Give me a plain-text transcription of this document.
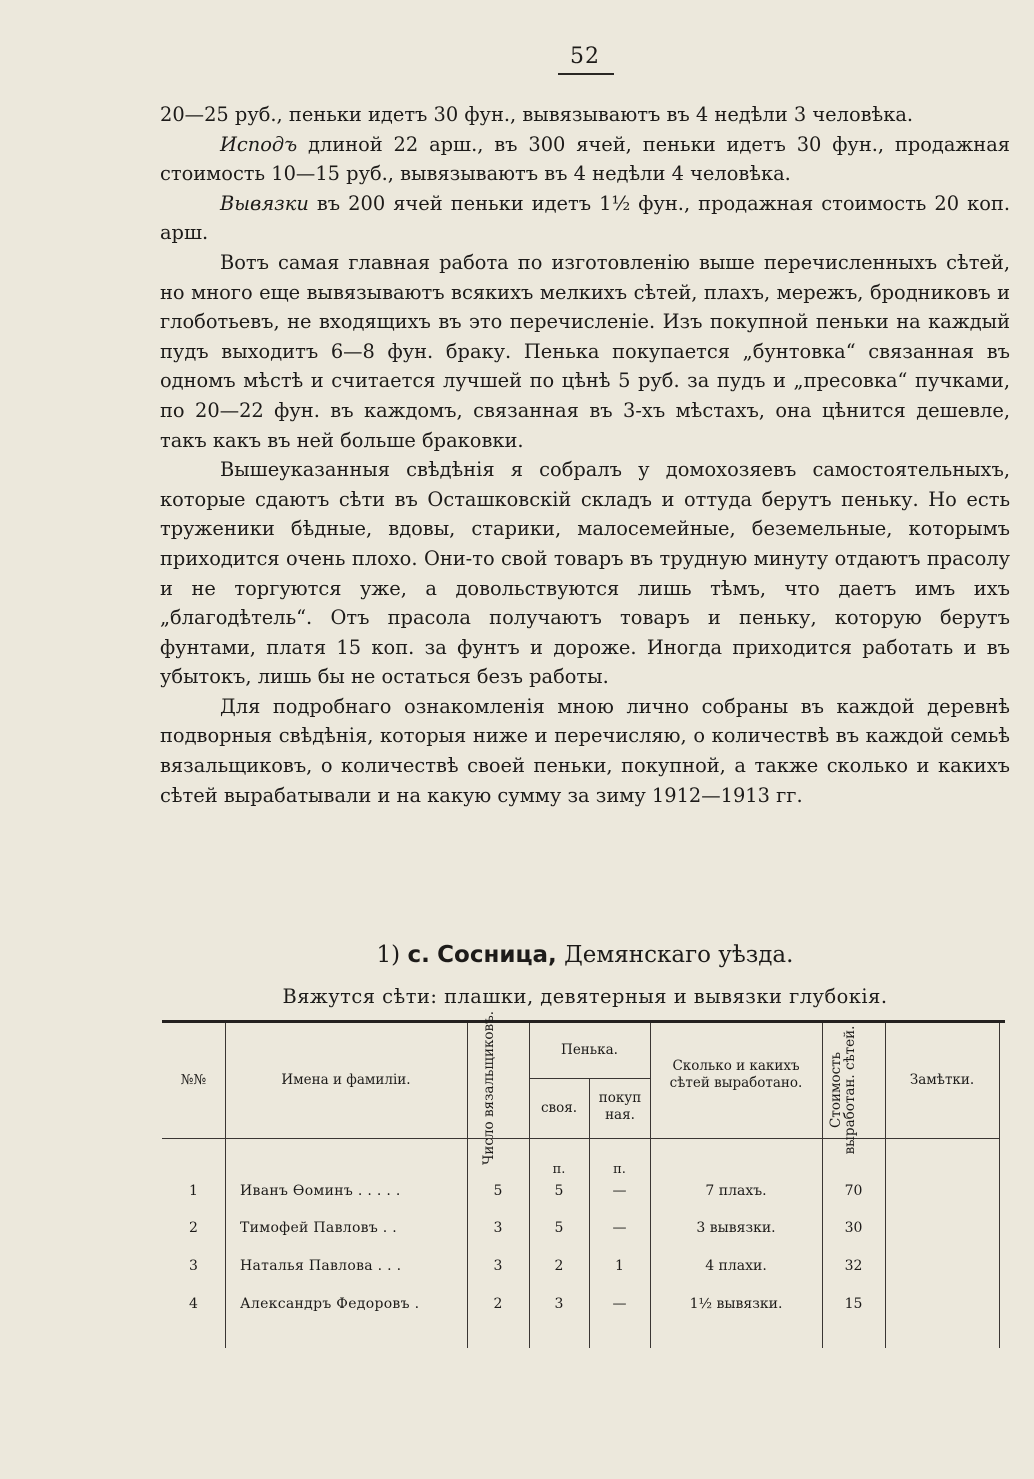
52

20—25 руб., пеньки идетъ 30 фун., вывязываютъ въ 4 недѣли 3 человѣка.

Исподъ длиной 22 арш., въ 300 ячей, пеньки идетъ 30 фун., продажная стоимость 10—15 руб., вывязываютъ въ 4 недѣли 4 человѣка.

Вывязки въ 200 ячей пеньки идетъ 1½ фун., продажная стоимость 20 коп. арш.

Вотъ самая главная работа по изготовленію выше перечисленныхъ сѣтей, но много еще вывязываютъ всякихъ мелкихъ сѣтей, плахъ, мережъ, бродниковъ и глоботьевъ, не входящихъ въ это перечисленіе. Изъ покупной пеньки на каждый пудъ выходитъ 6—8 фун. браку. Пенька покупается „бунтовка“ связанная въ одномъ мѣстѣ и считается лучшей по цѣнѣ 5 руб. за пудъ и „пресовка“ пучками, по 20—22 фун. въ каждомъ, связанная въ 3-хъ мѣстахъ, она цѣнится дешевле, такъ какъ въ ней больше браковки.

Вышеуказанныя свѣдѣнія я собралъ у домохозяевъ самостоятельныхъ, которые сдаютъ сѣти въ Осташковскій складъ и оттуда берутъ пеньку. Но есть труженики бѣдные, вдовы, старики, малосемейные, беземельные, которымъ приходится очень плохо. Они-то свой товаръ въ трудную минуту отдаютъ прасолу и не торгуются уже, а довольствуются лишь тѣмъ, что даетъ имъ ихъ „благодѣтель“. Отъ прасола получаютъ товаръ и пеньку, которую берутъ фунтами, платя 15 коп. за фунтъ и дороже. Иногда приходится работать и въ убытокъ, лишь бы не остаться безъ работы.

Для подробнаго ознакомленія мною лично собраны въ каждой деревнѣ подворныя свѣдѣнія, которыя ниже и перечисляю, о количествѣ въ каждой семьѣ вязальщиковъ, о количествѣ своей пеньки, покупной, а также сколько и какихъ сѣтей вырабатывали и на какую сумму за зиму 1912—1913 гг.

1) с. Сосница, Демянскаго уѣзда.
Вяжутся сѣти: плашки, девятерныя и вывязки глубокія.
№№	Имена и фамиліи.	Число вязальщиковъ.	Пенька.
своя.
покупная.
Сколько и какихъ сѣтей выработано.	Стоимость выработан. сѣтей.	Замѣтки.
п.	п.
1	Иванъ Ѳоминъ . . . . .	5	5	—	7 плахъ.	70
2	Тимофей Павловъ . .	3	5	—	3 вывязки.	30
3	Наталья Павлова . . .	3	2	1	4 плахи.	32
4	Александръ Федоровъ .	2	3	—	1½ вывязки.	15
